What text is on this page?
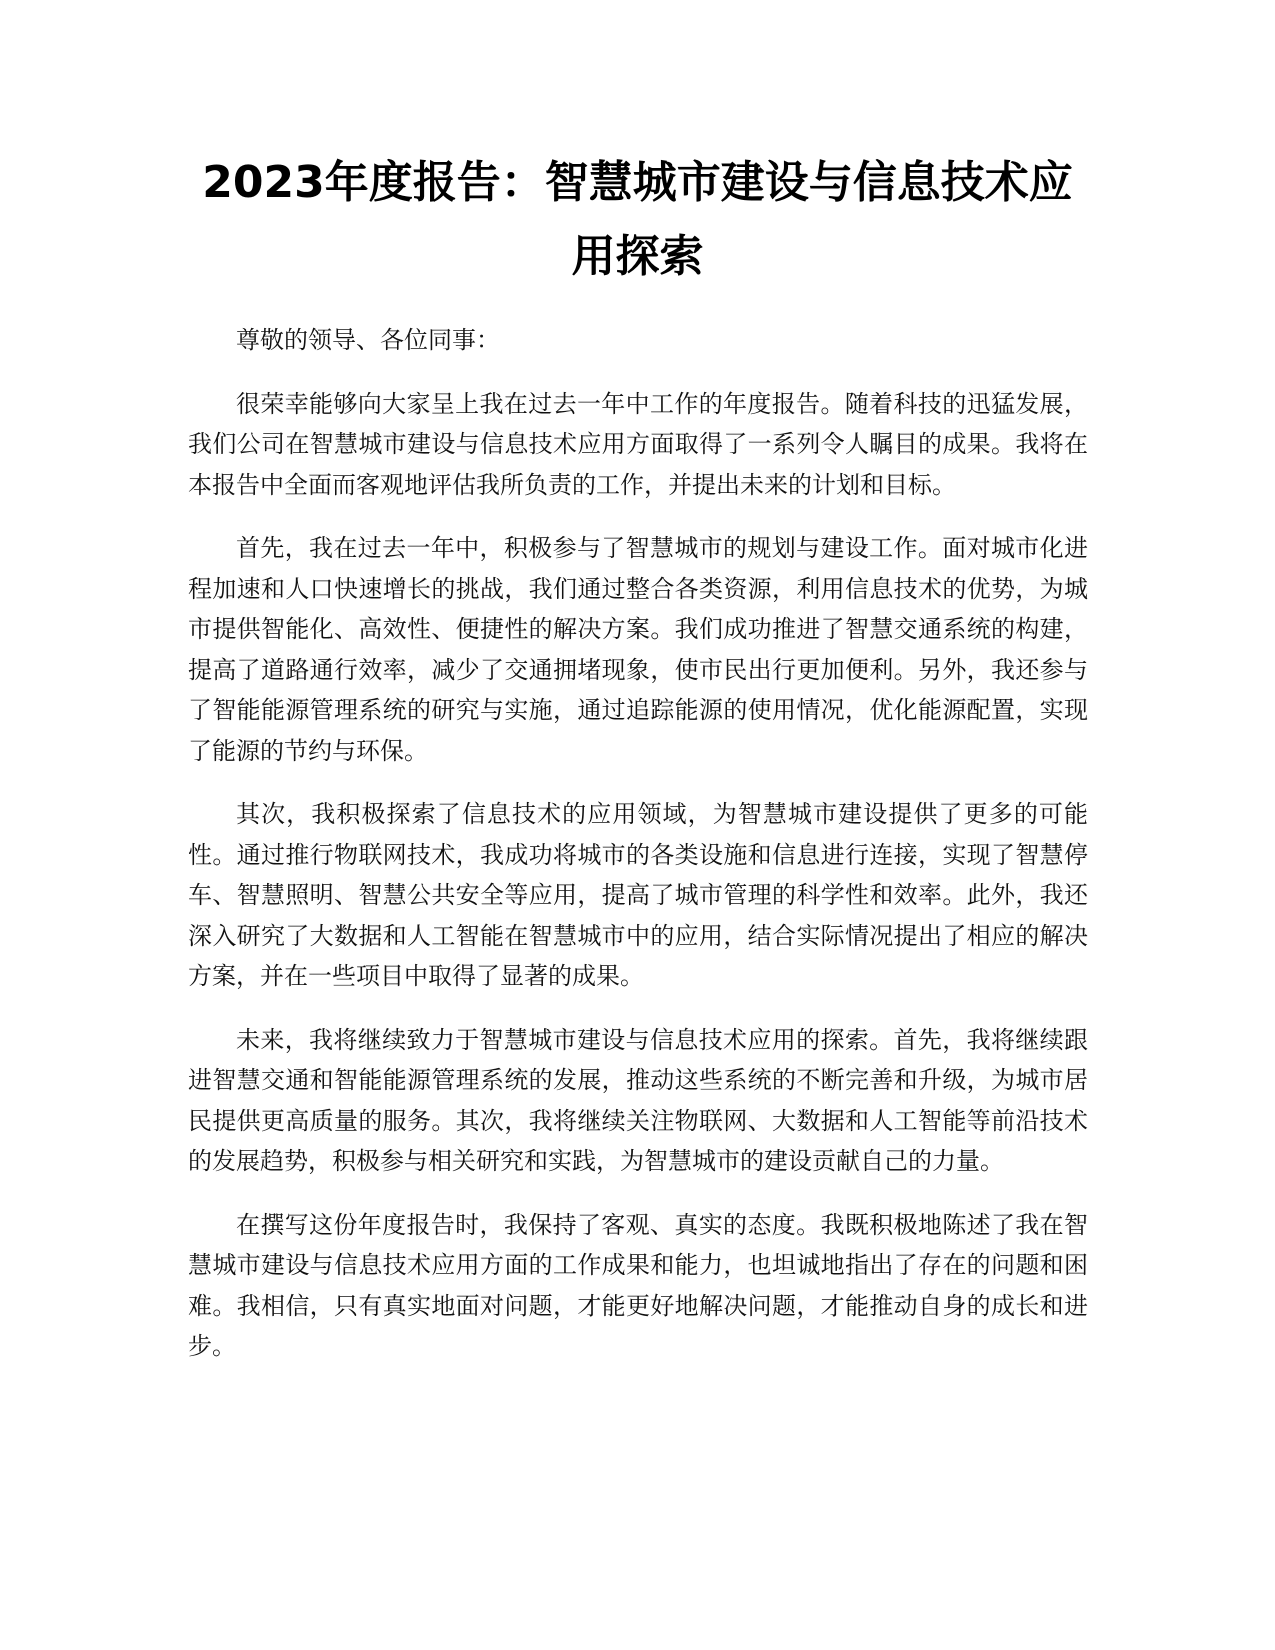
2023年度报告：智慧城市建设与信息技术应用探索

尊敬的领导、各位同事：

很荣幸能够向大家呈上我在过去一年中工作的年度报告。随着科技的迅猛发展，我们公司在智慧城市建设与信息技术应用方面取得了一系列令人瞩目的成果。我将在本报告中全面而客观地评估我所负责的工作，并提出未来的计划和目标。

首先，我在过去一年中，积极参与了智慧城市的规划与建设工作。面对城市化进程加速和人口快速增长的挑战，我们通过整合各类资源，利用信息技术的优势，为城市提供智能化、高效性、便捷性的解决方案。我们成功推进了智慧交通系统的构建，提高了道路通行效率，减少了交通拥堵现象，使市民出行更加便利。另外，我还参与了智能能源管理系统的研究与实施，通过追踪能源的使用情况，优化能源配置，实现了能源的节约与环保。

其次，我积极探索了信息技术的应用领域，为智慧城市建设提供了更多的可能性。通过推行物联网技术，我成功将城市的各类设施和信息进行连接，实现了智慧停车、智慧照明、智慧公共安全等应用，提高了城市管理的科学性和效率。此外，我还深入研究了大数据和人工智能在智慧城市中的应用，结合实际情况提出了相应的解决方案，并在一些项目中取得了显著的成果。

未来，我将继续致力于智慧城市建设与信息技术应用的探索。首先，我将继续跟进智慧交通和智能能源管理系统的发展，推动这些系统的不断完善和升级，为城市居民提供更高质量的服务。其次，我将继续关注物联网、大数据和人工智能等前沿技术的发展趋势，积极参与相关研究和实践，为智慧城市的建设贡献自己的力量。

在撰写这份年度报告时，我保持了客观、真实的态度。我既积极地陈述了我在智慧城市建设与信息技术应用方面的工作成果和能力，也坦诚地指出了存在的问题和困难。我相信，只有真实地面对问题，才能更好地解决问题，才能推动自身的成长和进步。
